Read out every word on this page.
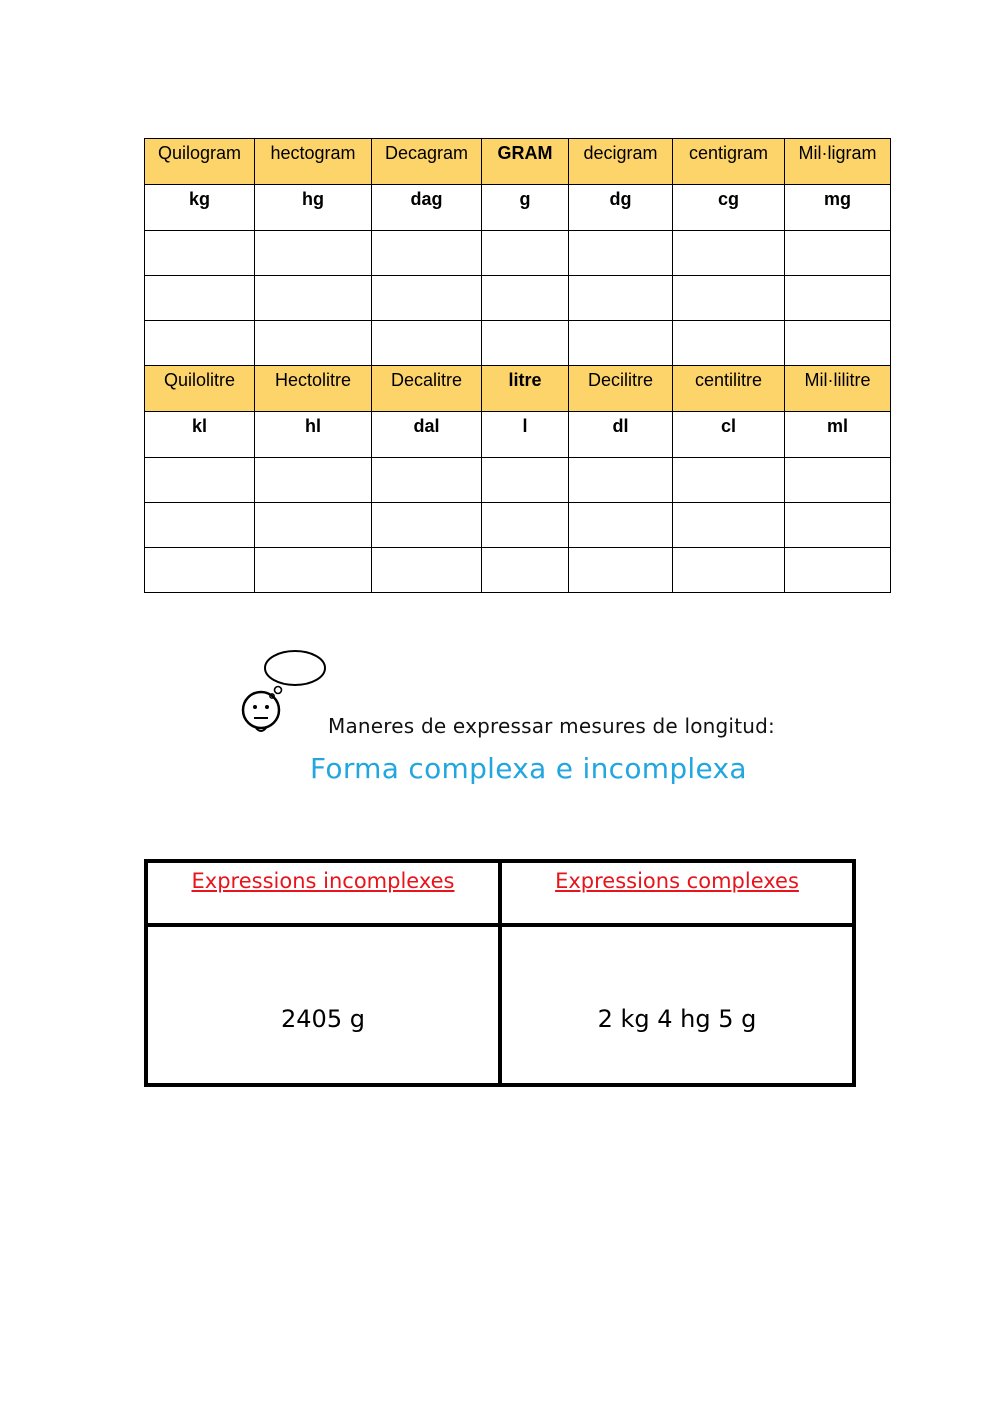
Quilogram	hectogram	Decagram	GRAM	decigram	centigram	Mil·ligram
kg	hg	dag	g	dg	cg	mg

Quilolitre	Hectolitre	Decalitre	litre	Decilitre	centilitre	Mil·lilitre
kl	hl	dal	l	dl	cl	ml

Maneres de expressar mesures de longitud:
Forma complexa e incomplexa
Expressions incomplexes	Expressions complexes
2405 g	2 kg 4 hg 5 g
